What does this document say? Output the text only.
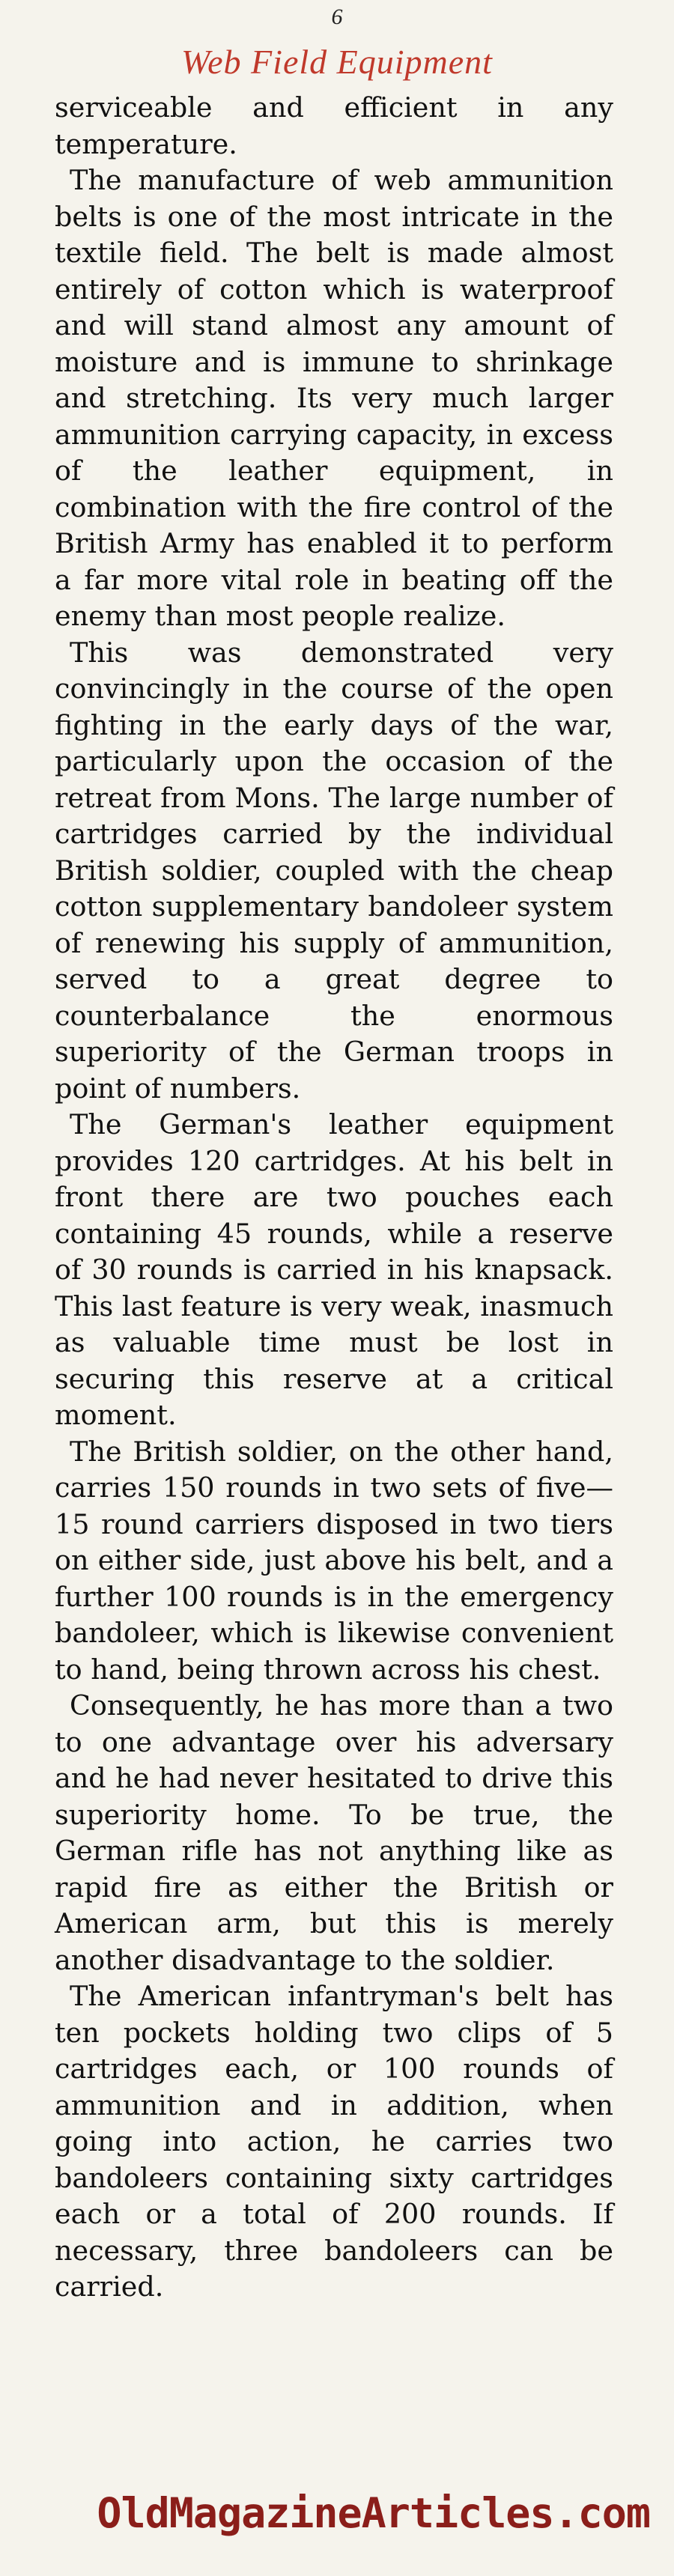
6
Web Field Equipment

serviceable and efficient in any temperature.

The manufacture of web ammunition belts is one of the most intricate in the textile field. The belt is made almost entirely of cotton which is waterproof and will stand almost any amount of moisture and is immune to shrinkage and stretching. Its very much larger ammunition carrying capacity, in excess of the leather equipment, in combination with the fire control of the British Army has enabled it to perform a far more vital role in beating off the enemy than most people realize.

This was demonstrated very convincingly in the course of the open fighting in the early days of the war, particularly upon the occasion of the retreat from Mons. The large number of cartridges carried by the individual British soldier, coupled with the cheap cotton supplementary bandoleer system of renewing his supply of ammunition, served to a great degree to counterbalance the enormous superiority of the German troops in point of numbers.

The German's leather equipment provides 120 cartridges. At his belt in front there are two pouches each containing 45 rounds, while a reserve of 30 rounds is carried in his knapsack. This last feature is very weak, inasmuch as valuable time must be lost in securing this reserve at a critical moment.

The British soldier, on the other hand, carries 150 rounds in two sets of five—15 round carriers disposed in two tiers on either side, just above his belt, and a further 100 rounds is in the emergency bandoleer, which is likewise convenient to hand, being thrown across his chest.

Consequently, he has more than a two to one advantage over his adversary and he had never hesitated to drive this superiority home. To be true, the German rifle has not anything like as rapid fire as either the British or American arm, but this is merely another disadvantage to the soldier.

The American infantryman's belt has ten pockets holding two clips of 5 cartridges each, or 100 rounds of ammunition and in addition, when going into action, he carries two bandoleers containing sixty cartridges each or a total of 200 rounds. If necessary, three bandoleers can be carried.

OldMagazineArticles.com
